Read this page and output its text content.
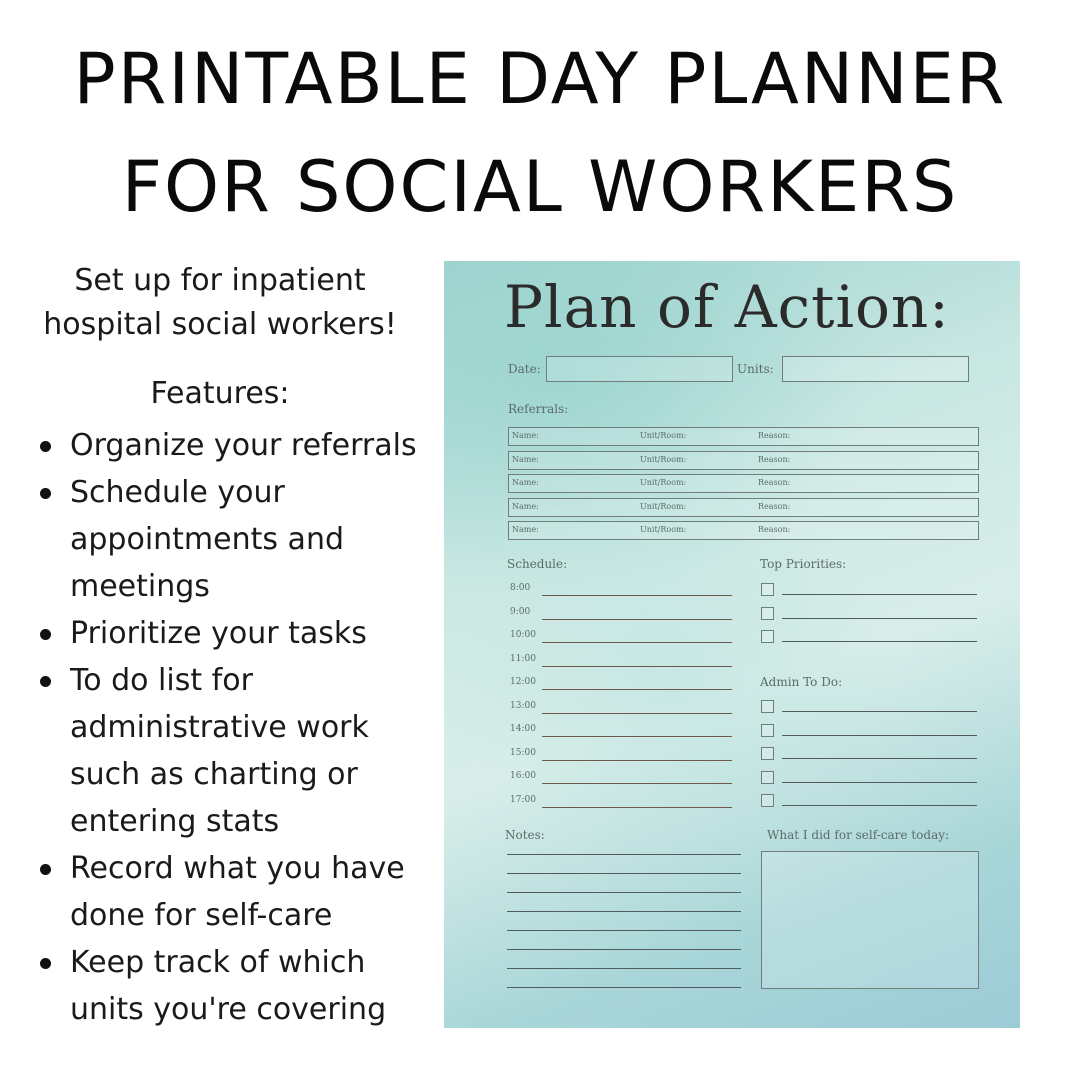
PRINTABLE DAY PLANNER
FOR SOCIAL WORKERS
Set up for inpatient
hospital social workers!
Features:
Organize your referrals
Schedule your
appointments and
meetings
Prioritize your tasks
To do list for
administrative work
such as charting or
entering stats
Record what you have
done for self-care
Keep track of which
units you're covering
Plan of Action:
Date:	Units:
Referrals:
Name:	Unit/Room:	Reason:
Name:	Unit/Room:	Reason:
Name:	Unit/Room:	Reason:
Name:	Unit/Room:	Reason:
Name:	Unit/Room:	Reason:
Schedule:
8:00
9:00
10:00
11:00
12:00
13:00
14:00
15:00
16:00
17:00
Top Priorities:
Admin To Do:
Notes:	What I did for self-care today:
